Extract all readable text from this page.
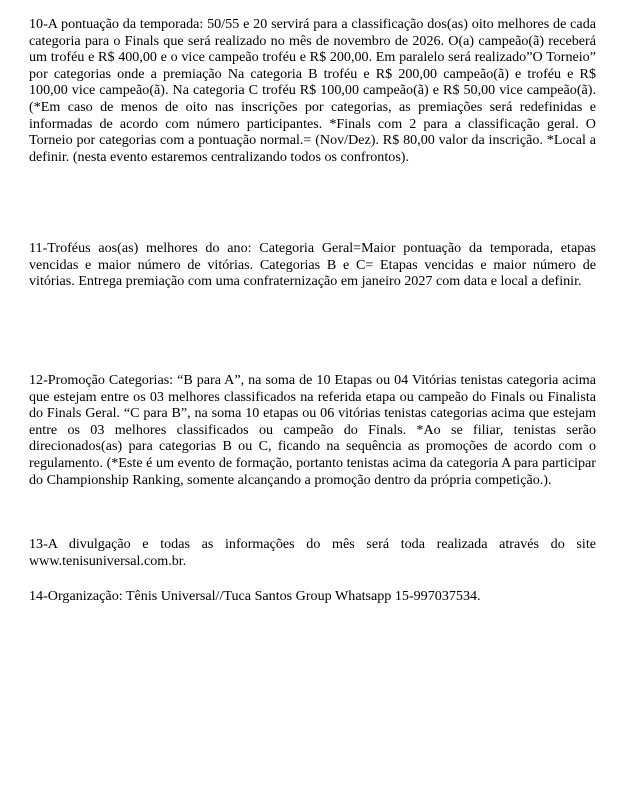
10-A pontuação da temporada: 50/55 e 20 servirá para a classificação dos(as) oito melhores de cada categoria para o Finals que será realizado no mês de novembro de 2026. O(a) campeão(ã) receberá um troféu e R$ 400,00 e o vice campeão troféu e R$ 200,00. Em paralelo será realizado”O Torneio” por categorias onde a premiação Na categoria B troféu e R$ 200,00 campeão(ã) e troféu e R$ 100,00 vice campeão(ã). Na categoria C troféu R$ 100,00 campeão(ã) e R$ 50,00 vice campeão(ã). (*Em caso de menos de oito nas inscrições por categorias, as premiações será redefinidas e informadas de acordo com número participantes. *Finals com 2 para a classificação geral. O Torneio por categorias com a pontuação normal.= (Nov/Dez). R$ 80,00 valor da inscrição. *Local a definir. (nesta evento estaremos centralizando todos os confrontos).

11-Troféus aos(as) melhores do ano: Categoria Geral=Maior pontuação da temporada, etapas vencidas e maior número de vitórias. Categorias B e C= Etapas vencidas e maior número de vitórias. Entrega premiação com uma confraternização em janeiro 2027 com data e local a definir.

12-Promoção Categorias: “B para A”, na soma de 10 Etapas ou 04 Vitórias tenistas categoria acima que estejam entre os 03 melhores classificados na referida etapa ou campeão do Finals ou Finalista do Finals Geral. “C para B”, na soma 10 etapas ou 06 vitórias tenistas categorias acima que estejam entre os 03 melhores classificados ou campeão do Finals. *Ao se filiar, tenistas serão direcionados(as) para categorias B ou C, ficando na sequência as promoções de acordo com o regulamento. (*Este é um evento de formação, portanto tenistas acima da categoria A para participar do Championship Ranking, somente alcançando a promoção dentro da própria competição.).

13-A divulgação e todas as informações do mês será toda realizada através do site www.tenisuniversal.com.br.

14-Organização: Tênis Universal//Tuca Santos Group Whatsapp 15-997037534.
